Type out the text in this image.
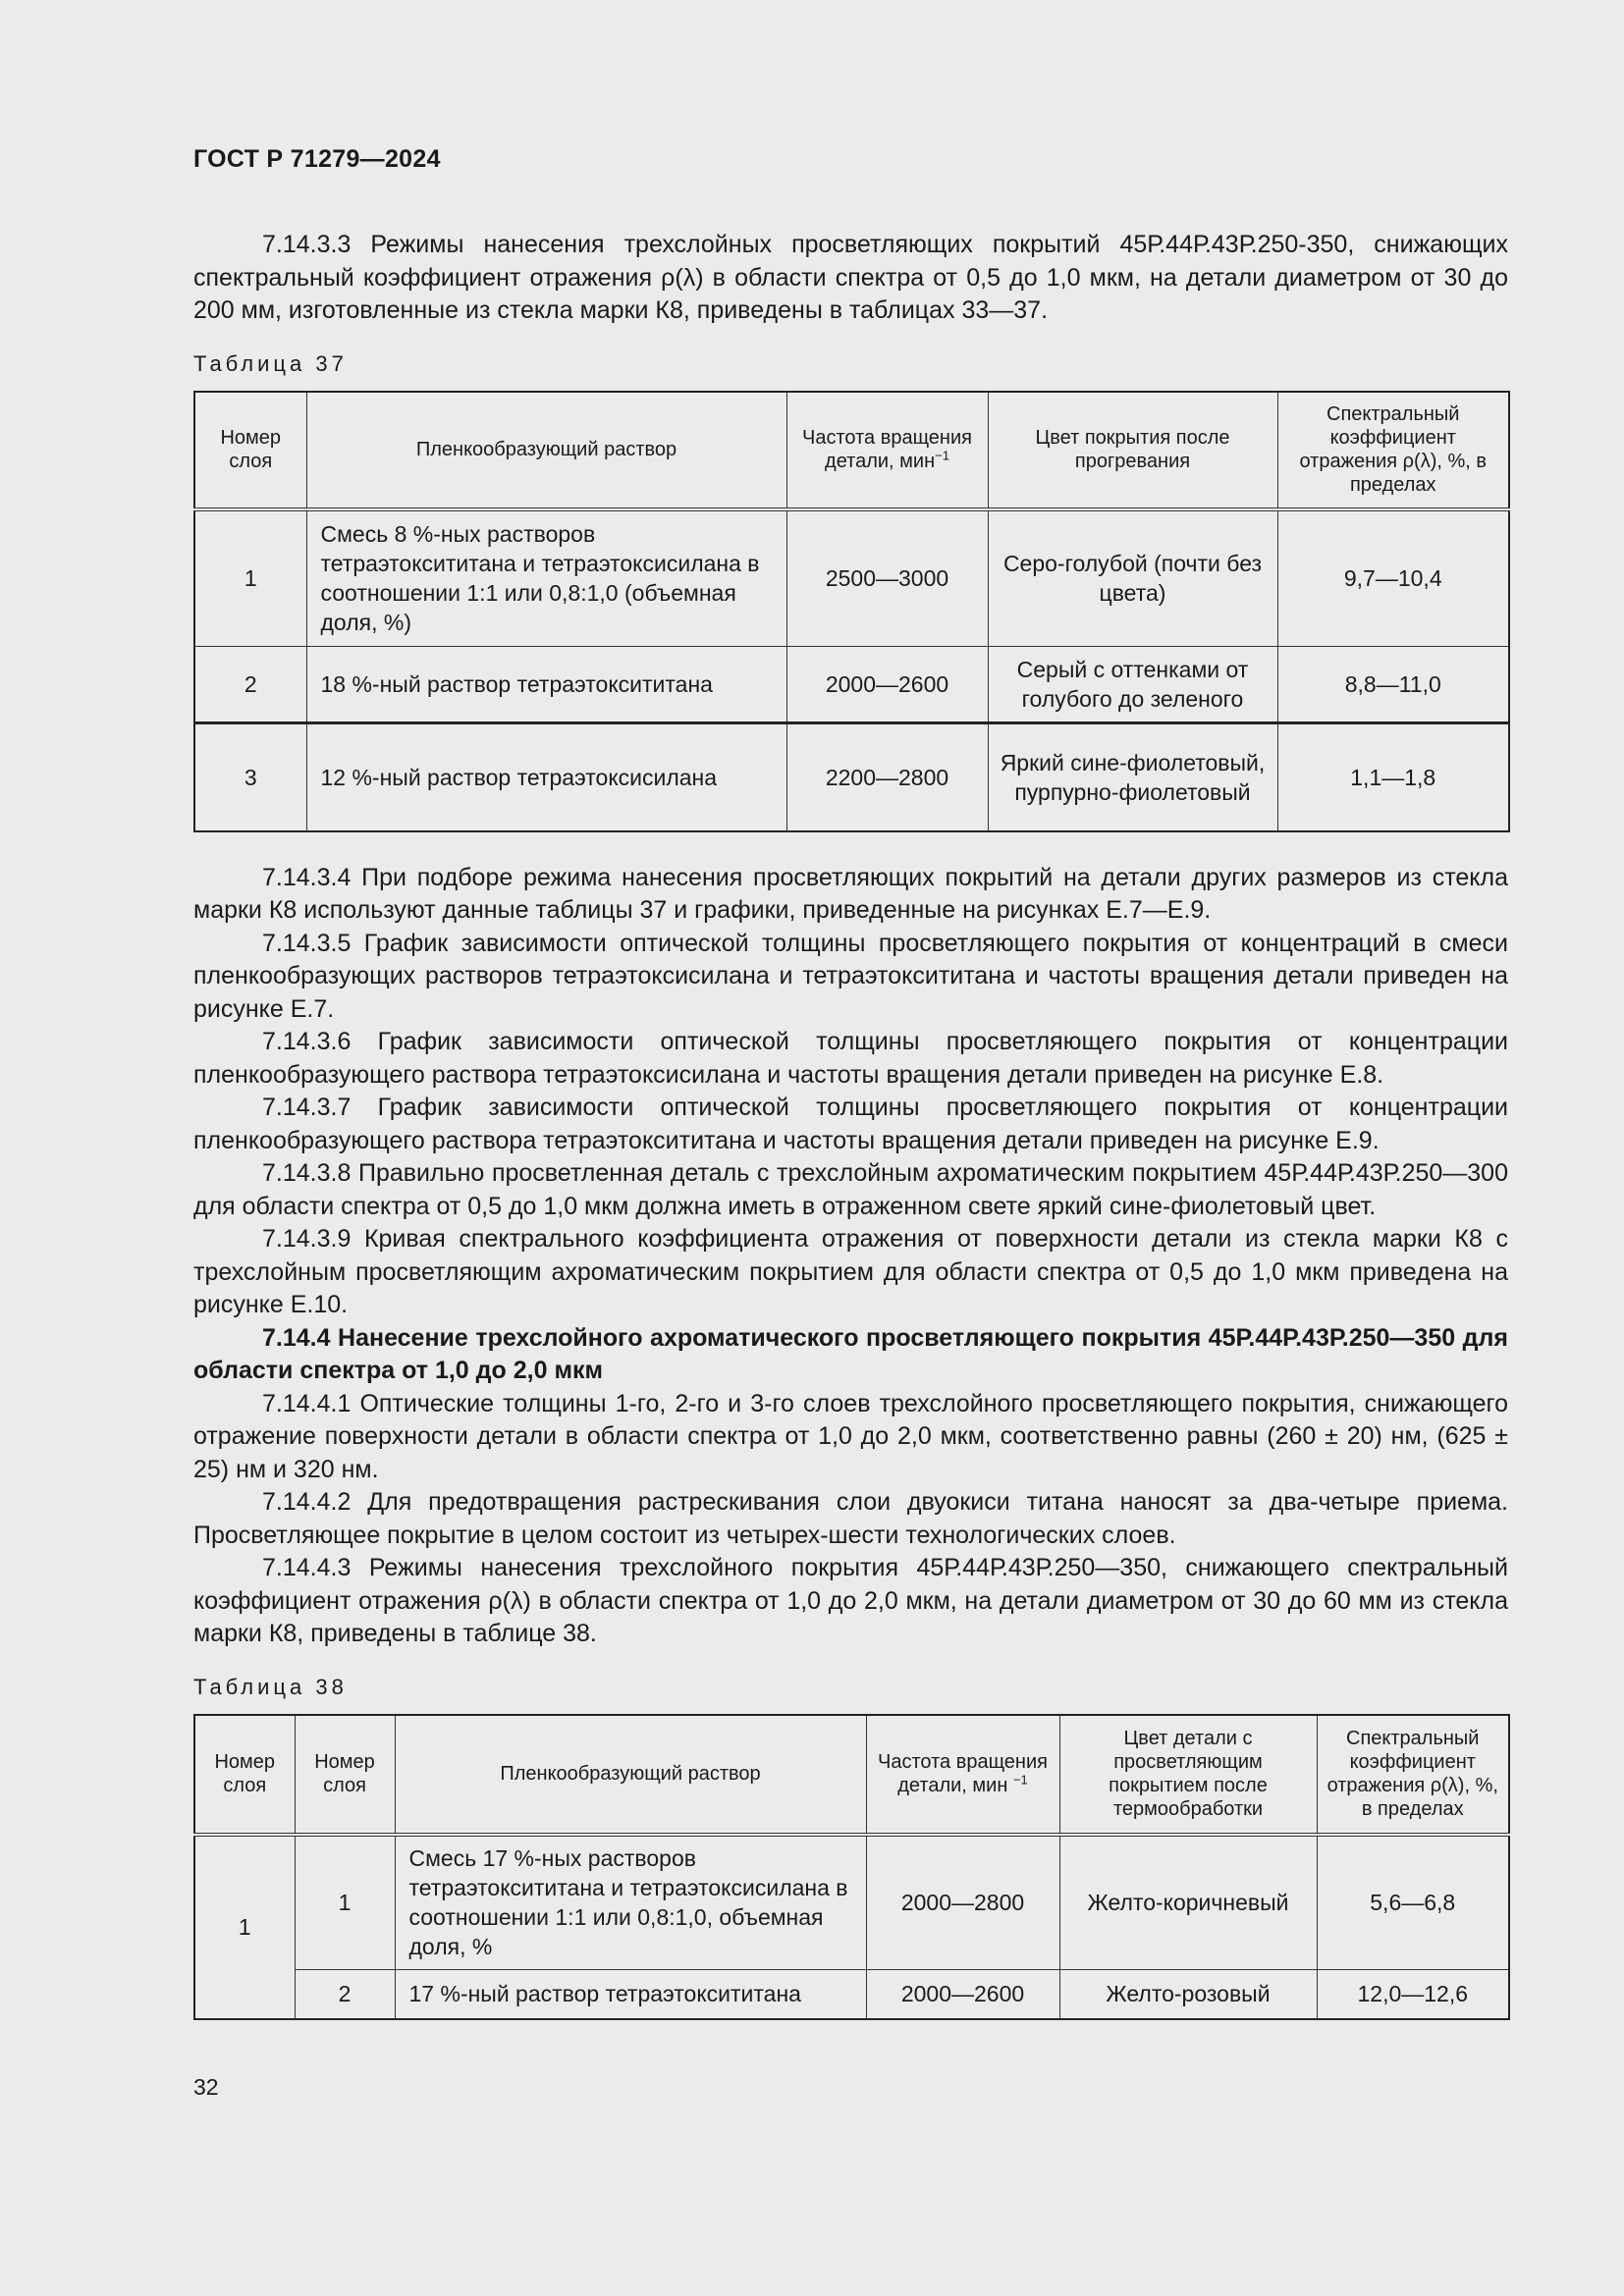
ГОСТ Р 71279—2024

7.14.3.3 Режимы нанесения трехслойных просветляющих покрытий 45Р.44Р.43Р.250-350, снижающих спектральный коэффициент отражения ρ(λ) в области спектра от 0,5 до 1,0 мкм, на детали диаметром от 30 до 200 мм, изготовленные из стекла марки К8, приведены в таблицах 33—37.

Таблица 37
Номер слоя	Пленкообразующий раствор	Частота вращения детали, мин$^{-1}$	Цвет покрытия после прогревания	Спектральный коэффициент отражения ρ(λ), %, в пределах
1	Смесь 8 %-ных растворов тетраэтоксититана и тетраэтоксисилана в соотношении 1:1 или 0,8:1,0 (объемная доля, %)	2500—3000	Серо-голубой (почти без цвета)	9,7—10,4
2	18 %-ный раствор тетраэтоксититана	2000—2600	Серый с оттенками от голубого до зеленого	8,8—11,0
3	12 %-ный раствор тетраэтоксисилана	2200—2800	Яркий сине-фиолетовый, пурпурно-фиолетовый	1,1—1,8

7.14.3.4 При подборе режима нанесения просветляющих покрытий на детали других размеров из стекла марки К8 используют данные таблицы 37 и графики, приведенные на рисунках Е.7—Е.9.

7.14.3.5 График зависимости оптической толщины просветляющего покрытия от концентраций в смеси пленкообразующих растворов тетраэтоксисилана и тетраэтоксититана и частоты вращения детали приведен на рисунке Е.7.

7.14.3.6 График зависимости оптической толщины просветляющего покрытия от концентрации пленкообразующего раствора тетраэтоксисилана и частоты вращения детали приведен на рисунке Е.8.

7.14.3.7 График зависимости оптической толщины просветляющего покрытия от концентрации пленкообразующего раствора тетраэтоксититана и частоты вращения детали приведен на рисунке Е.9.

7.14.3.8 Правильно просветленная деталь с трехслойным ахроматическим покрытием 45Р.44Р.43Р.250—300 для области спектра от 0,5 до 1,0 мкм должна иметь в отраженном свете яркий сине-фиолетовый цвет.

7.14.3.9 Кривая спектрального коэффициента отражения от поверхности детали из стекла марки К8 с трехслойным просветляющим ахроматическим покрытием для области спектра от 0,5 до 1,0 мкм приведена на рисунке Е.10.

7.14.4 Нанесение трехслойного ахроматического просветляющего покрытия 45Р.44Р.43Р.250—350 для области спектра от 1,0 до 2,0 мкм

7.14.4.1 Оптические толщины 1-го, 2-го и 3-го слоев трехслойного просветляющего покрытия, снижающего отражение поверхности детали в области спектра от 1,0 до 2,0 мкм, соответственно равны (260 ± 20) нм, (625 ± 25) нм и 320 нм.

7.14.4.2 Для предотвращения растрескивания слои двуокиси титана наносят за два-четыре приема. Просветляющее покрытие в целом состоит из четырех-шести технологических слоев.

7.14.4.3 Режимы нанесения трехслойного покрытия 45Р.44Р.43Р.250—350, снижающего спектральный коэффициент отражения ρ(λ) в области спектра от 1,0 до 2,0 мкм, на детали диаметром от 30 до 60 мм из стекла марки К8, приведены в таблице 38.

Таблица 38
Номер слоя	Номер слоя	Пленкообразующий раствор	Частота вращения детали, мин $^{-1}$	Цвет детали с просветляющим покрытием после термообработки	Спектральный коэффициент отражения ρ(λ), %, в пределах
1	1	Смесь 17 %-ных растворов тетраэтоксититана и тетраэтоксисилана в соотношении 1:1 или 0,8:1,0, объемная доля, %	2000—2800	Желто-коричневый	5,6—6,8
	2	17 %-ный раствор тетраэтоксититана	2000—2600	Желто-розовый	12,0—12,6
32
